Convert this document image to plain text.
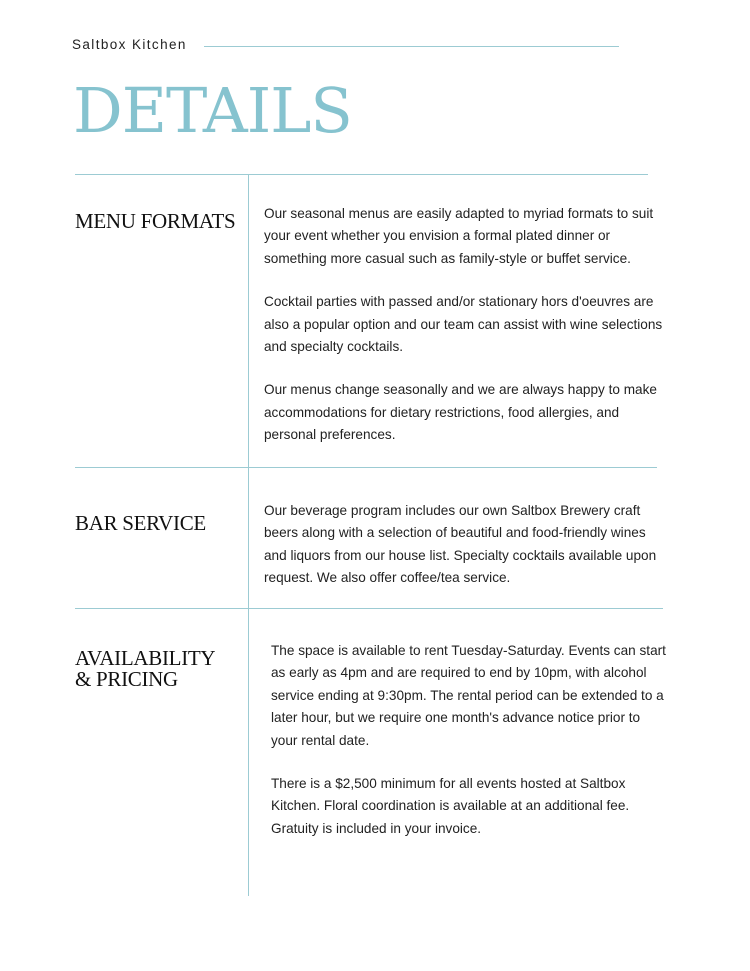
Saltbox Kitchen
DETAILS
MENU FORMATS Our seasonal menus are easily adapted to myriad formats to suit your event whether you envision a formal plated dinner or something more casual such as family-style or buffet service.

Cocktail parties with passed and/or stationary hors d'oeuvres are also a popular option and our team can assist with wine selections and specialty cocktails.

Our menus change seasonally and we are always happy to make accommodations for dietary restrictions, food allergies, and personal preferences.

BAR SERVICE

Our beverage program includes our own Saltbox Brewery craft beers along with a selection of beautiful and food-friendly wines and liquors from our house list. Specialty cocktails available upon request. We also offer coffee/tea service.

AVAILABILITY
& PRICING

The space is available to rent Tuesday-Saturday. Events can start as early as 4pm and are required to end by 10pm, with alcohol service ending at 9:30pm. The rental period can be extended to a later hour, but we require one month's advance notice prior to your rental date.

There is a $2,500 minimum for all events hosted at Saltbox Kitchen. Floral coordination is available at an additional fee. Gratuity is included in your invoice.
